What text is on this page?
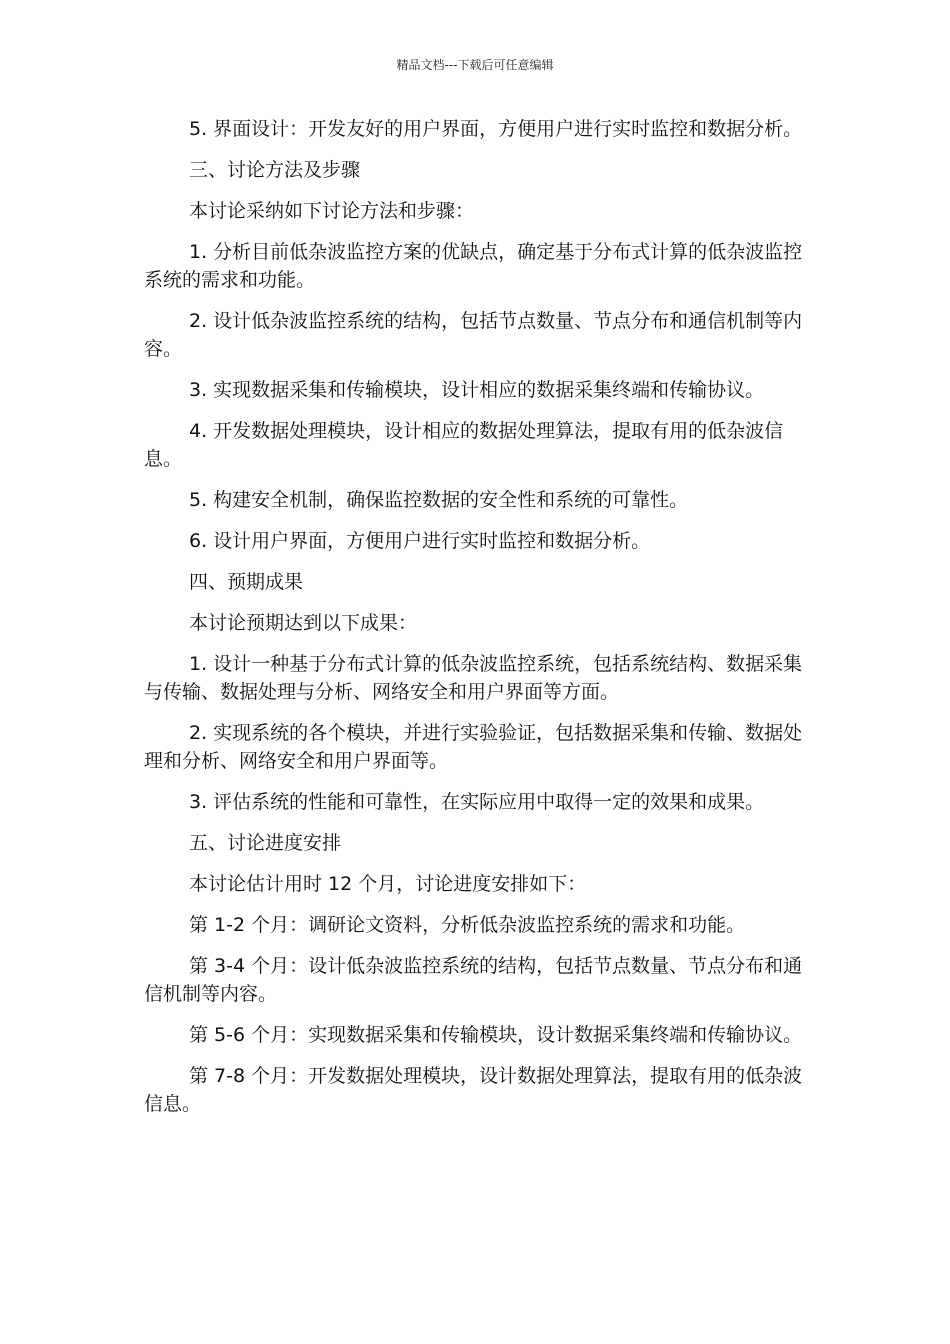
精品文档---下载后可任意编辑

5. 界面设计：开发友好的用户界面，方便用户进行实时监控和数据分析。

三、讨论方法及步骤

本讨论采纳如下讨论方法和步骤：

1. 分析目前低杂波监控方案的优缺点，确定基于分布式计算的低杂波监控系统的需求和功能。

2. 设计低杂波监控系统的结构，包括节点数量、节点分布和通信机制等内容。

3. 实现数据采集和传输模块，设计相应的数据采集终端和传输协议。

4. 开发数据处理模块，设计相应的数据处理算法，提取有用的低杂波信息。

5. 构建安全机制，确保监控数据的安全性和系统的可靠性。

6. 设计用户界面，方便用户进行实时监控和数据分析。

四、预期成果

本讨论预期达到以下成果：

1. 设计一种基于分布式计算的低杂波监控系统，包括系统结构、数据采集与传输、数据处理与分析、网络安全和用户界面等方面。

2. 实现系统的各个模块，并进行实验验证，包括数据采集和传输、数据处理和分析、网络安全和用户界面等。

3. 评估系统的性能和可靠性，在实际应用中取得一定的效果和成果。

五、讨论进度安排

本讨论估计用时 12 个月，讨论进度安排如下：

第 1-2 个月：调研论文资料，分析低杂波监控系统的需求和功能。

第 3-4 个月：设计低杂波监控系统的结构，包括节点数量、节点分布和通信机制等内容。

第 5-6 个月：实现数据采集和传输模块，设计数据采集终端和传输协议。

第 7-8 个月：开发数据处理模块，设计数据处理算法，提取有用的低杂波信息。
